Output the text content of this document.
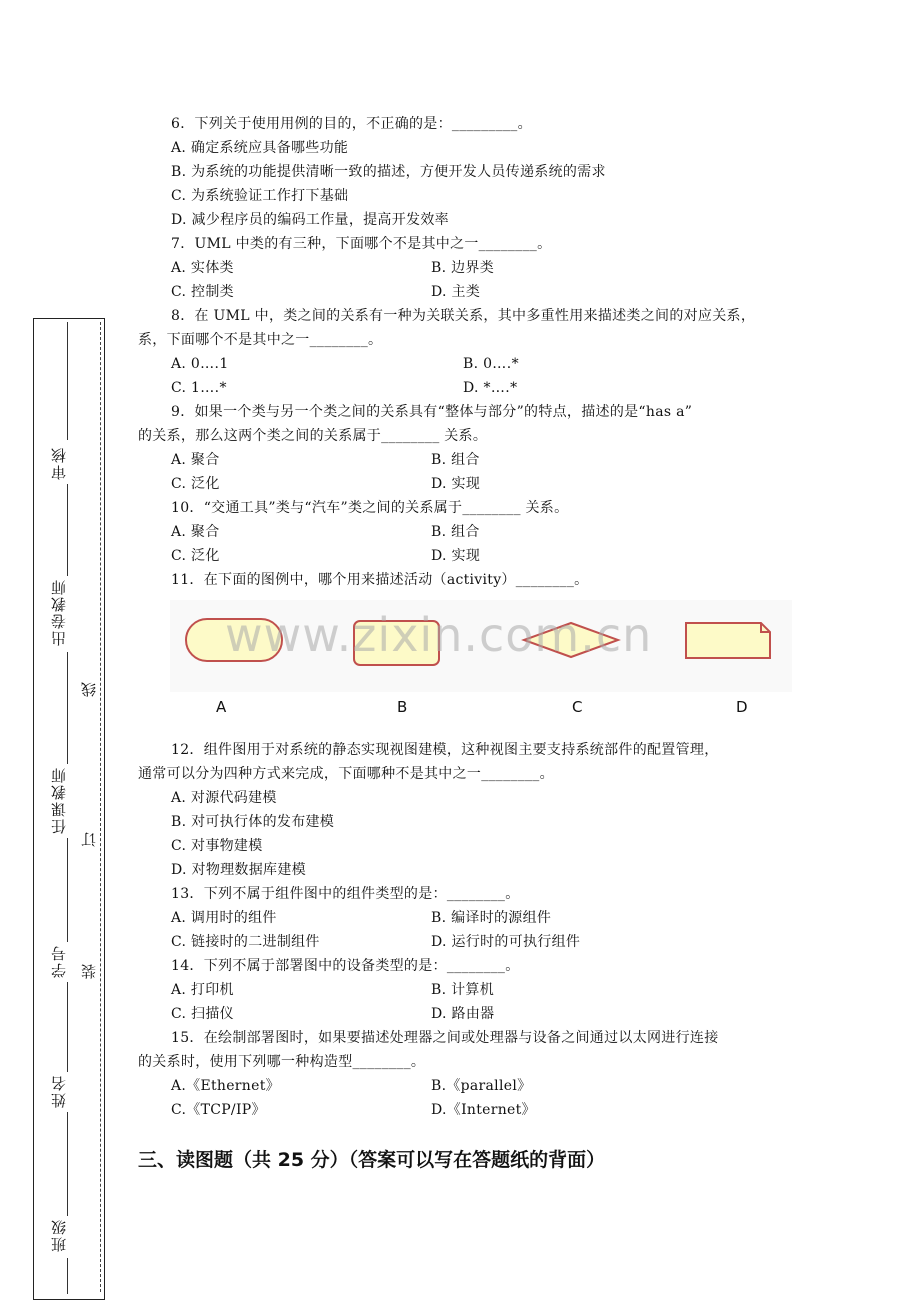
审核
出卷教师
任课教师
学号
姓名
班级
线
订
装
6．下列关于使用用例的目的，不正确的是：_________。
A. 确定系统应具备哪些功能
B. 为系统的功能提供清晰一致的描述，方便开发人员传递系统的需求
C. 为系统验证工作打下基础
D. 减少程序员的编码工作量，提高开发效率
7．UML 中类的有三种，下面哪个不是其中之一________。
A. 实体类	B. 边界类
C. 控制类	D. 主类
8．在 UML 中，类之间的关系有一种为关联关系，其中多重性用来描述类之间的对应关系，
系，下面哪个不是其中之一________。
A. 0…․1	B. 0…․*
C. 1…․*	D. *…․*
9．如果一个类与另一个类之间的关系具有“整体与部分”的特点，描述的是“has a”
的关系，那么这两个类之间的关系属于________ 关系。
A. 聚合	B. 组合
C. 泛化	D. 实现
10．“交通工具”类与“汽车”类之间的关系属于________ 关系。
A. 聚合	B. 组合
C. 泛化	D. 实现
11．在下面的图例中，哪个用来描述活动（activity）________。
www.zixin.com.cn
A	B	C	D
12．组件图用于对系统的静态实现视图建模，这种视图主要支持系统部件的配置管理，
通常可以分为四种方式来完成，下面哪种不是其中之一________。
A. 对源代码建模
B. 对可执行体的发布建模
C. 对事物建模
D. 对物理数据库建模
13．下列不属于组件图中的组件类型的是：________。
A. 调用时的组件	B. 编译时的源组件
C. 链接时的二进制组件	D. 运行时的可执行组件
14．下列不属于部署图中的设备类型的是：________。
A. 打印机	B. 计算机
C. 扫描仪	D. 路由器
15．在绘制部署图时，如果要描述处理器之间或处理器与设备之间通过以太网进行连接
的关系时，使用下列哪一种构造型________。
A.《Ethernet》	B.《parallel》
C.《TCP/IP》	D.《Internet》
三、读图题（共 25 分）（答案可以写在答题纸的背面）
